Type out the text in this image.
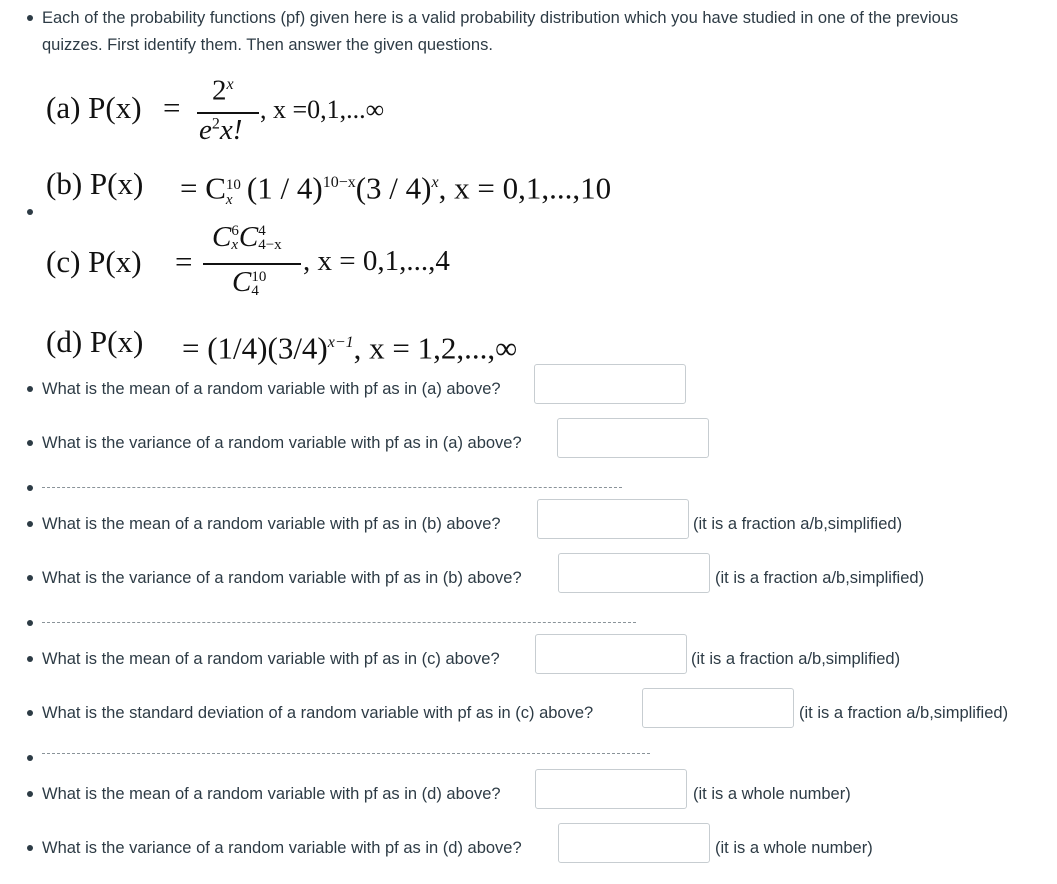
Each of the probability functions (pf) given here is a valid probability distribution which you have studied in one of the previous
quizzes. First identify them. Then answer the given questions.
(a) $P(x) = 2^x$
$e^2x$!
, x =0,1,...∞
(b) P(x) = C 10
x (1 / 4)$^{10-x}$(3 / 4)$^x$, x = 0,1,...,10
(c) P(x) =
C 6
x C 4
4−x
C 10
4
, x = 0,1,...,4
(d) $P(x) = (1/4)(3/4)^{x-1}$, x = 1,2,...,∞
What is the mean of a random variable with pf as in (a) above?
What is the variance of a random variable with pf as in (a) above?
What is the mean of a random variable with pf as in (b) above?	(it is a fraction a/b,simplified)
What is the variance of a random variable with pf as in (b) above?	(it is a fraction a/b,simplified)
What is the mean of a random variable with pf as in (c) above?	(it is a fraction a/b,simplified)
What is the standard deviation of a random variable with pf as in (c) above?	(it is a fraction a/b,simplified)
What is the mean of a random variable with pf as in (d) above?	(it is a whole number)
What is the variance of a random variable with pf as in (d) above?	(it is a whole number)
